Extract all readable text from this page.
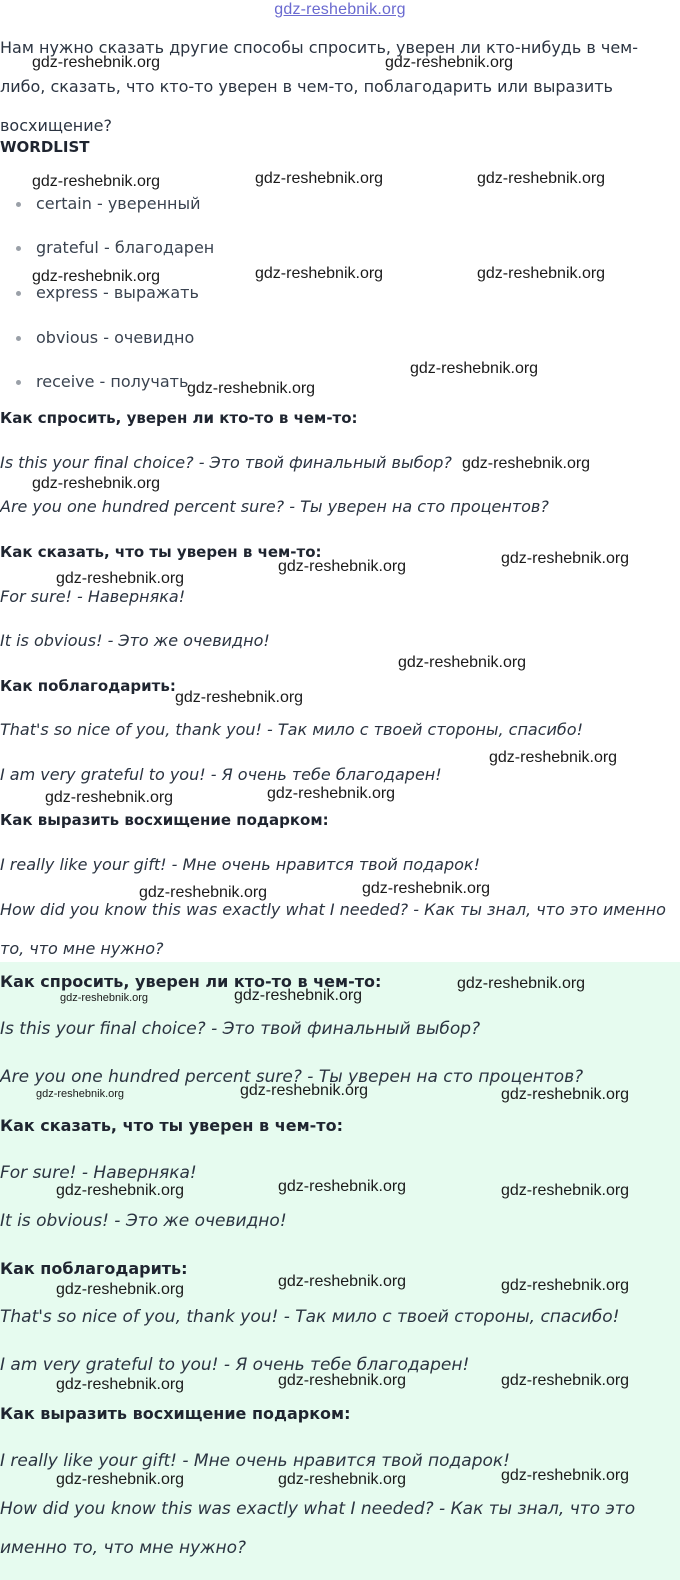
gdz-reshebnik.org
Нам нужно сказать другие способы спросить, уверен ли кто-нибудь в чем-либо, сказать, что кто-то уверен в чем-то, поблагодарить или выразить восхищение?
WORDLIST
certain - уверенный
grateful - благодарен
express - выражать
obvious - очевидно
receive - получать
Как спросить, уверен ли кто-то в чем-то:
Is this your final choice? - Это твой финальный выбор?
Are you one hundred percent sure? - Ты уверен на сто процентов?
Как сказать, что ты уверен в чем-то:
For sure! - Наверняка!
It is obvious! - Это же очевидно!
Как поблагодарить:
That's so nice of you, thank you! - Так мило с твоей стороны, спасибо!
I am very grateful to you! - Я очень тебе благодарен!
Как выразить восхищение подарком:
I really like your gift! - Мне очень нравится твой подарок!
How did you know this was exactly what I needed? - Как ты знал, что это именно то, что мне нужно?
Как спросить, уверен ли кто-то в чем-то:
Is this your final choice? - Это твой финальный выбор?
Are you one hundred percent sure? - Ты уверен на сто процентов?
Как сказать, что ты уверен в чем-то:
For sure! - Наверняка!
It is obvious! - Это же очевидно!
Как поблагодарить:
That's so nice of you, thank you! - Так мило с твоей стороны, спасибо!
I am very grateful to you! - Я очень тебе благодарен!
Как выразить восхищение подарком:
I really like your gift! - Мне очень нравится твой подарок!
How did you know this was exactly what I needed? - Как ты знал, что это именно то, что мне нужно?
gdz-reshebnik.org	gdz-reshebnik.org
gdz-reshebnik.org	gdz-reshebnik.org	gdz-reshebnik.org
gdz-reshebnik.org	gdz-reshebnik.org	gdz-reshebnik.org
gdz-reshebnik.org
gdz-reshebnik.org
gdz-reshebnik.org
gdz-reshebnik.org
gdz-reshebnik.org
gdz-reshebnik.org
gdz-reshebnik.org
gdz-reshebnik.org
gdz-reshebnik.org
gdz-reshebnik.org
gdz-reshebnik.org
gdz-reshebnik.org
gdz-reshebnik.org
gdz-reshebnik.org
gdz-reshebnik.org
gdz-reshebnik.org
gdz-reshebnik.org
gdz-reshebnik.org
gdz-reshebnik.org	gdz-reshebnik.org
gdz-reshebnik.org
gdz-reshebnik.org	gdz-reshebnik.org
gdz-reshebnik.org
gdz-reshebnik.org	gdz-reshebnik.org
gdz-reshebnik.org
gdz-reshebnik.org	gdz-reshebnik.org
gdz-reshebnik.org
gdz-reshebnik.org
gdz-reshebnik.org
